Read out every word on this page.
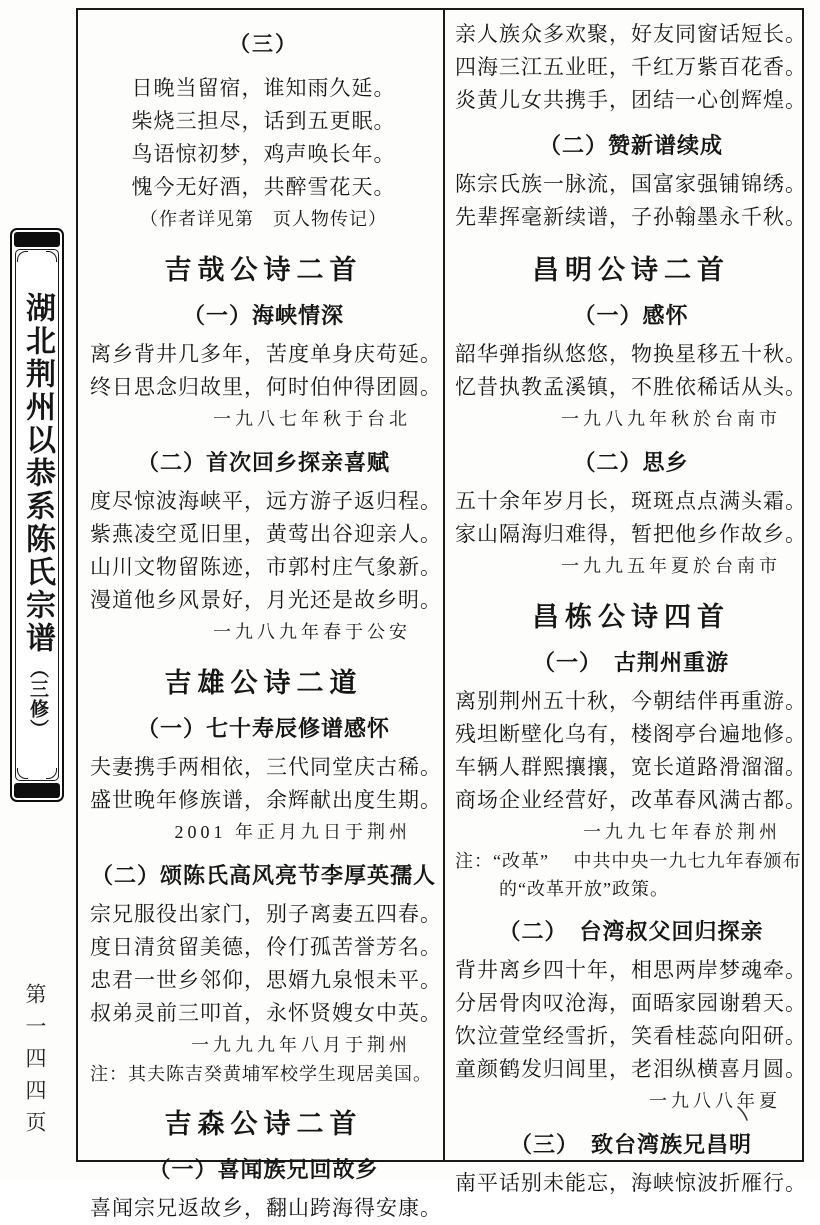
湖北荆州以恭系陈氏宗谱（三修）
第一四四页
（三）
日晚当留宿，谁知雨久延。
柴烧三担尽，话到五更眠。
鸟语惊初梦，鸡声唤长年。
愧今无好酒，共醉雪花天。
（作者详见第　页人物传记）
吉哉公诗二首
（一）海峡情深
离乡背井几多年，苦度单身庆苟延。
终日思念归故里，何时伯仲得团圆。
一九八七年秋于台北
（二）首次回乡探亲喜赋
度尽惊波海峡平，远方游子返归程。
紫燕凌空觅旧里，黄莺出谷迎亲人。
山川文物留陈迹，市郭村庄气象新。
漫道他乡风景好，月光还是故乡明。
一九八九年春于公安
吉雄公诗二道
（一）七十寿辰修谱感怀
夫妻携手两相依，三代同堂庆古稀。
盛世晚年修族谱，余辉献出度生期。
2001 年正月九日于荆州
（二）颂陈氏高风亮节李厚英孺人
宗兄服役出家门，别子离妻五四春。
度日清贫留美德，伶仃孤苦誉芳名。
忠君一世乡邻仰，思婿九泉恨未平。
叔弟灵前三叩首，永怀贤嫂女中英。
一九九九年八月于荆州
注：其夫陈吉癸黄埔军校学生现居美国。
吉森公诗二首
（一）喜闻族兄回故乡
喜闻宗兄返故乡，翻山跨海得安康。
亲人族众多欢聚，好友同窗话短长。
四海三江五业旺，千红万紫百花香。
炎黄儿女共携手，团结一心创辉煌。
（二）赞新谱续成
陈宗氏族一脉流，国富家强铺锦绣。
先辈挥毫新续谱，子孙翰墨永千秋。
昌明公诗二首
（一）感怀
韶华弹指纵悠悠，物换星移五十秋。
忆昔执教孟溪镇，不胜依稀话从头。
一九八九年秋於台南市
（二）思乡
五十余年岁月长，斑斑点点满头霜。
家山隔海归难得，暂把他乡作故乡。
一九九五年夏於台南市
昌栋公诗四首
（一）　古荆州重游
离别荆州五十秋，今朝结伴再重游。
残坦断壁化乌有，楼阁亭台遍地修。
车辆人群熙攘攘，宽长道路滑溜溜。
商场企业经营好，改革春风满古都。
一九九七年春於荆州
注：“改革”　 中共中央一九七九年春颁布
的“改革开放”政策。
（二）　台湾叔父回归探亲
背井离乡四十年，相思两岸梦魂牵。
分居骨肉叹沧海，面晤家园谢碧天。
饮泣萱堂经雪折，笑看桂蕊向阳研。
童颜鹤发归闾里，老泪纵横喜月圆。
一九八八年夏
（三）　致台湾族兄昌明
南平话别未能忘，海峡惊波折雁行。
